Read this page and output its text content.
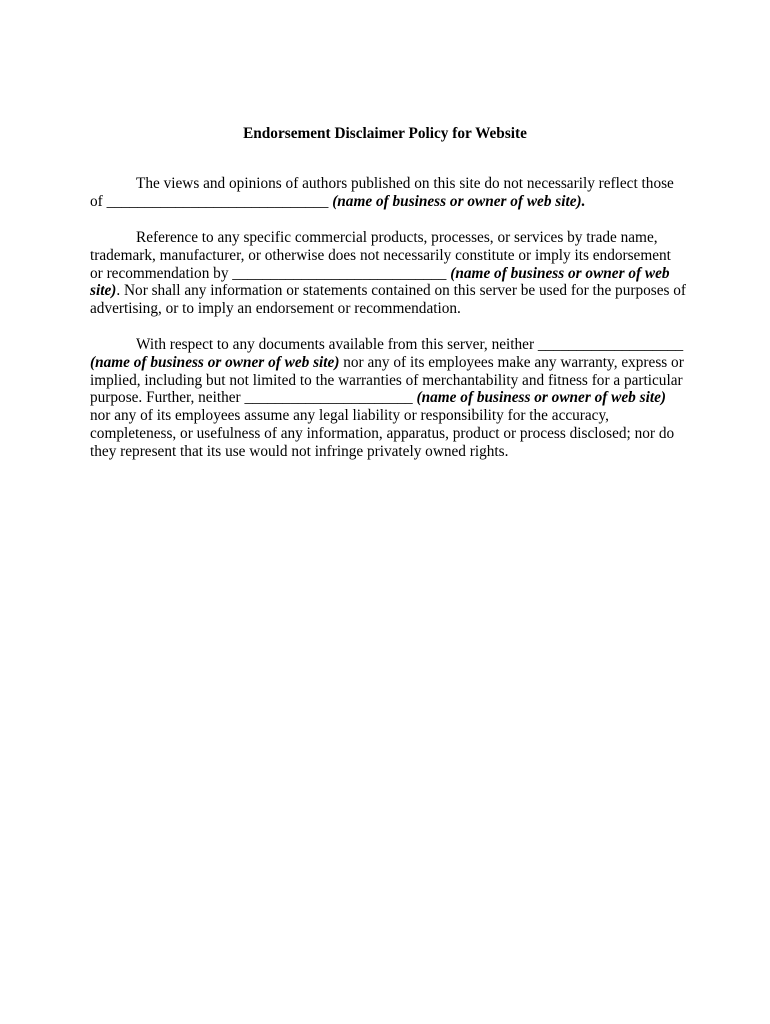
Endorsement Disclaimer Policy for Website
The views and opinions of authors published on this site do not necessarily reflect those
of _____________________________ (name of business or owner of web site).
Reference to any specific commercial products, processes, or services by trade name,
trademark, manufacturer, or otherwise does not necessarily constitute or imply its endorsement
or recommendation by ____________________________ (name of business or owner of web
site). Nor shall any information or statements contained on this server be used for the purposes of
advertising, or to imply an endorsement or recommendation.
With respect to any documents available from this server, neither ___________________
(name of business or owner of web site) nor any of its employees make any warranty, express or
implied, including but not limited to the warranties of merchantability and fitness for a particular
purpose. Further, neither ______________________ (name of business or owner of web site)
nor any of its employees assume any legal liability or responsibility for the accuracy,
completeness, or usefulness of any information, apparatus, product or process disclosed; nor do
they represent that its use would not infringe privately owned rights.
